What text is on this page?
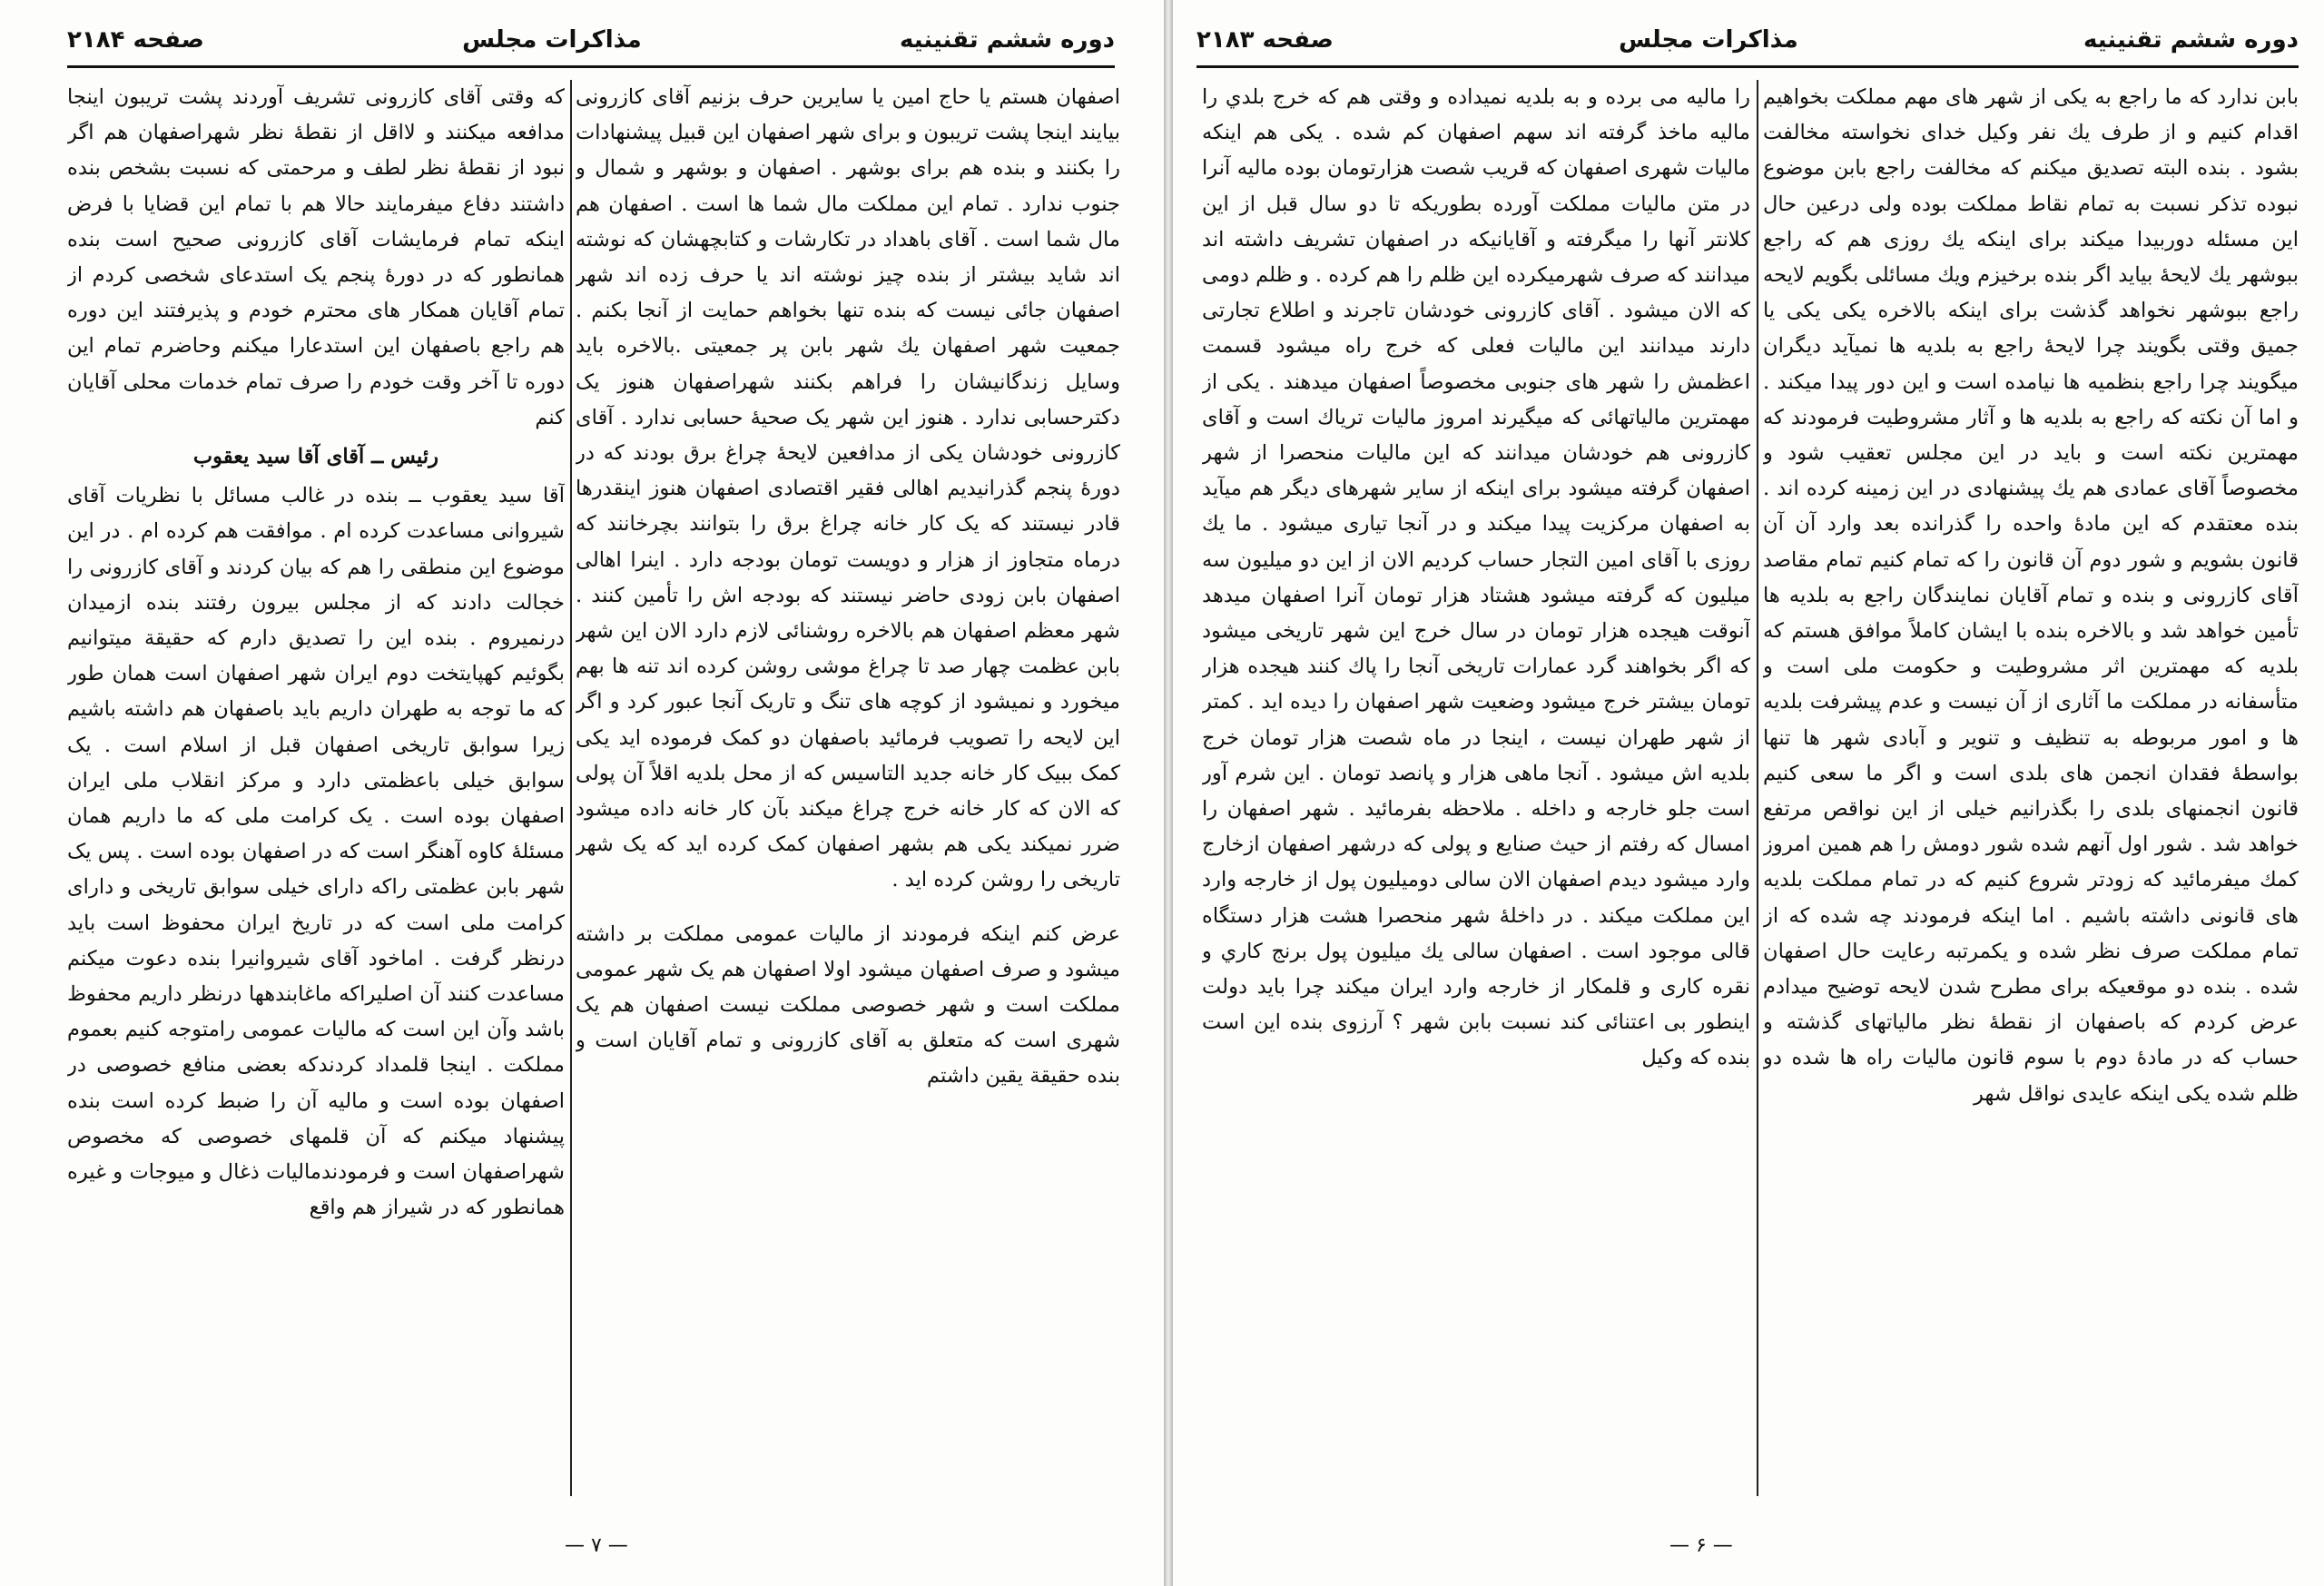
دوره ششم تقنینیه
مذاکرات مجلس
صفحه ۲۱۸۴

اصفهان هستم یا حاج امین یا سایرین حرف بزنیم آقای کازرونی بیایند اینجا پشت تریبون و برای شهر اصفهان این قبیل پیشنهادات را بکنند و بنده هم برای بوشهر . اصفهان و بوشهر و شمال و جنوب ندارد . تمام این مملکت مال شما ها است . اصفهان هم مال شما است . آقای باهداد در تکارشات و کتابچهشان که نوشته اند شاید بیشتر از بنده چیز نوشته اند یا حرف زده اند شهر اصفهان جائی نیست که بنده تنها بخواهم حمایت از آنجا بکنم . جمعیت شهر اصفهان یك شهر بابن پر جمعیتی .بالاخره باید وسایل زندگانیشان را فراهم بکنند شهراصفهان هنوز یک دکترحسابی ندارد . هنوز این شهر یک صحیهٔ حسابی ندارد . آقای کازرونی خودشان یکی از مدافعین لایحهٔ چراغ برق بودند که در دورهٔ پنجم گذرانیدیم اهالی فقیر اقتصادی اصفهان هنوز اینقدرها قادر نیستند که یک کار خانه چراغ برق را بتوانند بچرخانند که درماه متجاوز از هزار و دویست تومان بودجه دارد . اینرا اهالی اصفهان بابن زودی حاضر نیستند که بودجه اش را تأمین کنند . شهر معظم اصفهان هم بالاخره روشنائی لازم دارد الان این شهر بابن عظمت چهار صد تا چراغ موشی روشن کرده اند تنه ها بهم میخورد و نمیشود از کوچه های تنگ و تاریک آنجا عبور کرد و اگر این لایحه را تصویب فرمائید باصفهان دو کمک فرموده اید یکی کمک ببیک کار خانه جدید التاسیس که از محل بلدیه اقلاً آن پولی که الان که کار خانه خرج چراغ میکند بآن کار خانه داده میشود ضرر نمیکند یکی هم بشهر اصفهان کمک کرده اید که یک شهر تاریخی را روشن کرده اید .

عرض کنم اینکه فرمودند از مالیات عمومی مملکت بر داشته میشود و صرف اصفهان میشود اولا اصفهان هم یک شهر عمومی مملکت است و شهر خصوصی مملکت نیست اصفهان هم یک شهری است که متعلق به آقای کازرونی و تمام آقایان است و بنده حقیقة یقین داشتم

که وقتی آقای کازرونی تشریف آوردند پشت تریبون اینجا مدافعه میکنند و لااقل از نقطهٔ نظر شهراصفهان هم اگر نبود از نقطهٔ نظر لطف و مرحمتی که نسبت بشخص بنده داشتند دفاع میفرمایند حالا هم با تمام این قضایا با فرض اینکه تمام فرمایشات آقای کازرونی صحیح است بنده همانطور که در دورهٔ پنجم یک استدعای شخصی کردم از تمام آقایان همکار های محترم خودم و پذیرفتند این دوره هم راجع باصفهان این استدعارا میکنم وحاضرم تمام این دوره تا آخر وقت خودم را صرف تمام خدمات محلی آقایان کنم

رئیس ــ آقای آقا سید یعقوب

آقا سید یعقوب ــ بنده در غالب مسائل با نظریات آقای شیروانی مساعدت کرده ام . موافقت هم کرده ام . در این موضوع این منطقی را هم که بیان کردند و آقای کازرونی را خجالت دادند که از مجلس بیرون رفتند بنده ازمیدان درنمیروم . بنده این را تصدیق دارم که حقیقة میتوانیم بگوئیم کهپایتخت دوم ایران شهر اصفهان است همان طور که ما توجه به طهران داریم باید باصفهان هم داشته باشیم زیرا سوابق تاریخی اصفهان قبل از اسلام است . یک سوابق خیلی باعظمتی دارد و مرکز انقلاب ملی ایران اصفهان بوده است . یک کرامت ملی که ما داریم همان مسئلهٔ کاوه آهنگر است که در اصفهان بوده است . پس یک شهر بابن عظمتی راکه دارای خیلی سوابق تاریخی و دارای کرامت ملی است که در تاریخ ایران محفوظ است باید درنظر گرفت . اماخود آقای شیروانیرا بنده دعوت میکنم مساعدت کنند آن اصلیراکه ماغابندهها درنظر داریم محفوظ باشد وآن این است که مالیات عمومی رامتوجه کنیم بعموم مملکت . اینجا قلمداد کردندکه بعضی منافع خصوصی در اصفهان بوده است و مالیه آن را ضبط کرده است بنده پیشنهاد میکنم که آن قلمهای خصوصی که مخصوص شهراصفهان است و فرمودندمالیات ذغال و میوجات و غیره همانطور که در شیراز هم واقع

— ۷ —
دوره ششم تقنینیه
مذاکرات مجلس
صفحه ۲۱۸۳

بابن ندارد که ما راجع به یکی از شهر های مهم مملکت بخواهیم اقدام کنیم و از طرف یك نفر وکیل خدای نخواسته مخالفت بشود . بنده البته تصدیق میکنم که مخالفت راجع بابن موضوع نبوده تذکر نسبت به تمام نقاط مملکت بوده ولی درعین حال این مسئله دوربیدا میکند برای اینکه یك روزی هم که راجع ببوشهر یك لایحهٔ بیاید اگر بنده برخیزم ویك مسائلی بگویم لایحه راجع ببوشهر نخواهد گذشت برای اینکه بالاخره یکی یکی یا جمیق وقتی بگویند چرا لایحهٔ راجع به بلدیه ها نمیآید دیگران میگویند چرا راجع بنظمیه ها نیامده است و این دور پیدا میکند . و اما آن نکته که راجع به بلدیه ها و آثار مشروطیت فرمودند که مهمترین نکته است و باید در این مجلس تعقیب شود و مخصوصاً آقای عمادی هم یك پیشنهادی در این زمینه کرده اند . بنده معتقدم که این مادهٔ واحده را گذرانده بعد وارد آن آن قانون بشویم و شور دوم آن قانون را که تمام کنیم تمام مقاصد آقای کازرونی و بنده و تمام آقایان نمایندگان راجع به بلدیه ها تأمین خواهد شد و بالاخره بنده با ایشان کاملاً موافق هستم که بلدیه که مهمترین اثر مشروطیت و حکومت ملی است و متأسفانه در مملکت ما آثاری از آن نیست و عدم پیشرفت بلدیه ها و امور مربوطه به تنظیف و تنویر و آبادی شهر ها تنها بواسطهٔ فقدان انجمن های بلدی است و اگر ما سعی کنیم قانون انجمنهای بلدی را بگذرانیم خیلی از این نواقص مرتفع خواهد شد . شور اول آنهم شده شور دومش را هم همین امروز کمك میفرمائید که زودتر شروع کنیم که در تمام مملکت بلدیه های قانونی داشته باشیم . اما اینکه فرمودند چه شده که از تمام مملکت صرف نظر شده و یکمرتبه رعایت حال اصفهان شده . بنده دو موقعیکه برای مطرح شدن لایحه توضیح میدادم عرض کردم که باصفهان از نقطهٔ نظر مالیاتهای گذشته و حساب که در مادهٔ دوم با سوم قانون مالیات راه ها شده دو ظلم شده یکی اینکه عایدی نواقل شهر

را مالیه می برده و به بلدیه نمیداده و وقتی هم که خرج بلدي را مالیه ماخذ گرفته اند سهم اصفهان کم شده . یکی هم اینکه مالیات شهری اصفهان که قریب شصت هزارتومان بوده مالیه آنرا در متن مالیات مملکت آورده بطوریکه تا دو سال قبل از این کلانتر آنها را میگرفته و آقایانیکه در اصفهان تشریف داشته اند میدانند که صرف شهرمیکرده این ظلم را هم کرده . و ظلم دومی که الان میشود . آقای کازرونی خودشان تاجرند و اطلاع تجارتی دارند میدانند این مالیات فعلی که خرج راه میشود قسمت اعظمش را شهر های جنوبی مخصوصاً اصفهان میدهند . یکی از مهمترین مالیاتهائی که میگیرند امروز مالیات تریاك است و آقای کازرونی هم خودشان میدانند که این مالیات منحصرا از شهر اصفهان گرفته میشود برای اینکه از سایر شهرهای دیگر هم میآید به اصفهان مرکزیت پیدا میکند و در آنجا تیاری میشود . ما یك روزی با آقای امین التجار حساب کردیم الان از این دو میلیون سه میلیون که گرفته میشود هشتاد هزار تومان آنرا اصفهان میدهد آنوقت هیجده هزار تومان در سال خرج این شهر تاریخی میشود که اگر بخواهند گرد عمارات تاریخی آنجا را پاك کنند هیجده هزار تومان بیشتر خرج میشود وضعیت شهر اصفهان را دیده اید . کمتر از شهر طهران نیست ، اینجا در ماه شصت هزار تومان خرج بلدیه اش میشود . آنجا ماهی هزار و پانصد تومان . این شرم آور است جلو خارجه و داخله . ملاحظه بفرمائید . شهر اصفهان را امسال که رفتم از حیث صنایع و پولی که درشهر اصفهان ازخارج وارد میشود دیدم اصفهان الان سالی دومیلیون پول از خارجه وارد این مملکت میکند . در داخلهٔ شهر منحصرا هشت هزار دستگاه قالی موجود است . اصفهان سالی یك میلیون پول برنج کاري و نقره کاری و قلمکار از خارجه وارد ایران میکند چرا باید دولت اینطور بی اعتنائی کند نسبت بابن شهر ؟ آرزوی بنده این است بنده که وکیل

— ۶ —
